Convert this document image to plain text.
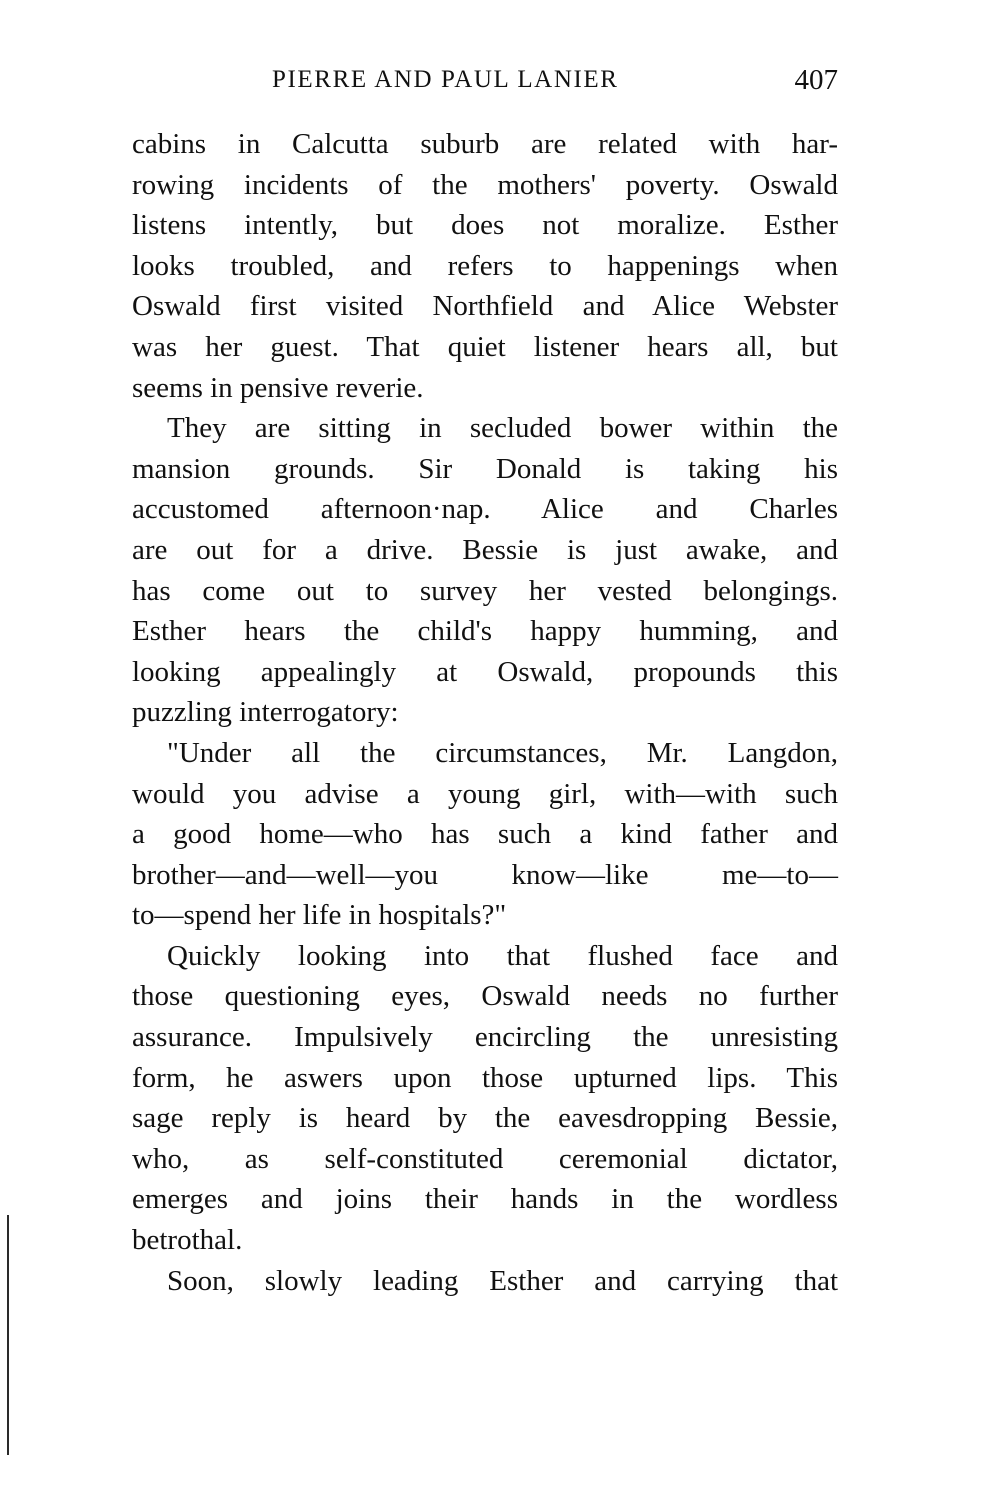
PIERRE AND PAUL LANIER	407
cabins in Calcutta suburb are related with har-
rowing incidents of the mothers' poverty. Oswald
listens intently, but does not moralize. Esther
looks troubled, and refers to happenings when
Oswald first visited Northfield and Alice Webster
was her guest. That quiet listener hears all, but
seems in pensive reverie.
They are sitting in secluded bower within the
mansion grounds. Sir Donald is taking his
accustomed afternoon·nap. Alice and Charles
are out for a drive. Bessie is just awake, and
has come out to survey her vested belongings.
Esther hears the child's happy humming, and
looking appealingly at Oswald, propounds this
puzzling interrogatory:
"Under all the circumstances, Mr. Langdon,
would you advise a young girl, with—with such
a good home—who has such a kind father and
brother—and—well—you know—like me—to—
to—spend her life in hospitals?"
Quickly looking into that flushed face and
those questioning eyes, Oswald needs no further
assurance. Impulsively encircling the unresisting
form, he aswers upon those upturned lips. This
sage reply is heard by the eavesdropping Bessie,
who, as self-constituted ceremonial dictator,
emerges and joins their hands in the wordless
betrothal.
Soon, slowly leading Esther and carrying that
